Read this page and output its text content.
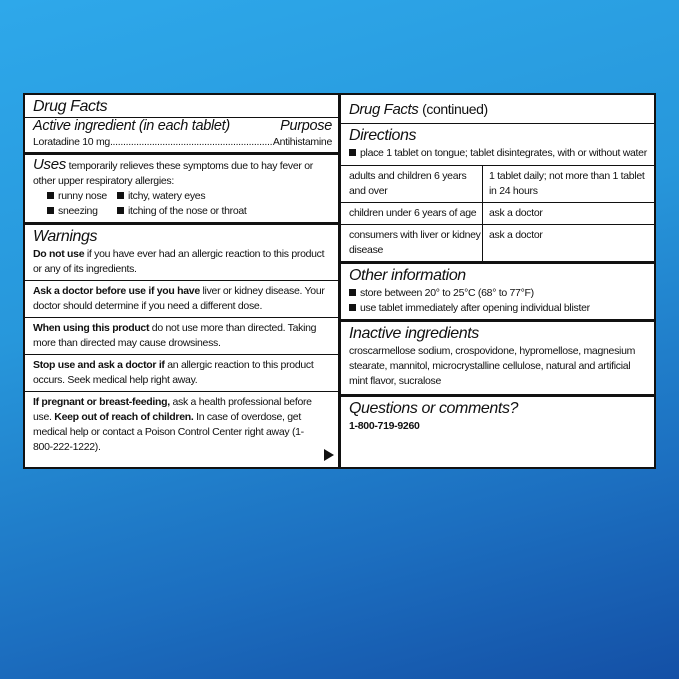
Drug Facts
Active ingredient (in each tablet)	Purpose
Loratadine 10 mg
.....	Antihistamine
Uses temporarily relieves these symptoms due to hay fever or other upper respiratory allergies:
runny nose	itchy, watery eyes
sneezing	itching of the nose or throat
Warnings
Do not use if you have ever had an allergic reaction to this product or any of its ingredients.
Ask a doctor before use if you have liver or kidney disease. Your doctor should determine if you need a different dose.
When using this product do not use more than directed. Taking more than directed may cause drowsiness.
Stop use and ask a doctor if an allergic reaction to this product occurs. Seek medical help right away.
If pregnant or breast-feeding, ask a health professional before use. Keep out of reach of children. In case of overdose, get medical help or contact a Poison Control Center right away (1-800-222-1222).
Drug Facts (continued)
Directions
place 1 tablet on tongue; tablet disintegrates, with or without water
adults and children 6 years and over
1 tablet daily; not more than 1 tablet in 24 hours
children under 6 years of age	ask a doctor
consumers with liver or kidney disease
ask a doctor
Other information
store between 20° to 25°C (68° to 77°F)
use tablet immediately after opening individual blister
Inactive ingredients
croscarmellose sodium, crospovidone, hypromellose, magnesium stearate, mannitol, microcrystalline cellulose, natural and artificial mint flavor, sucralose
Questions or comments?
1-800-719-9260
